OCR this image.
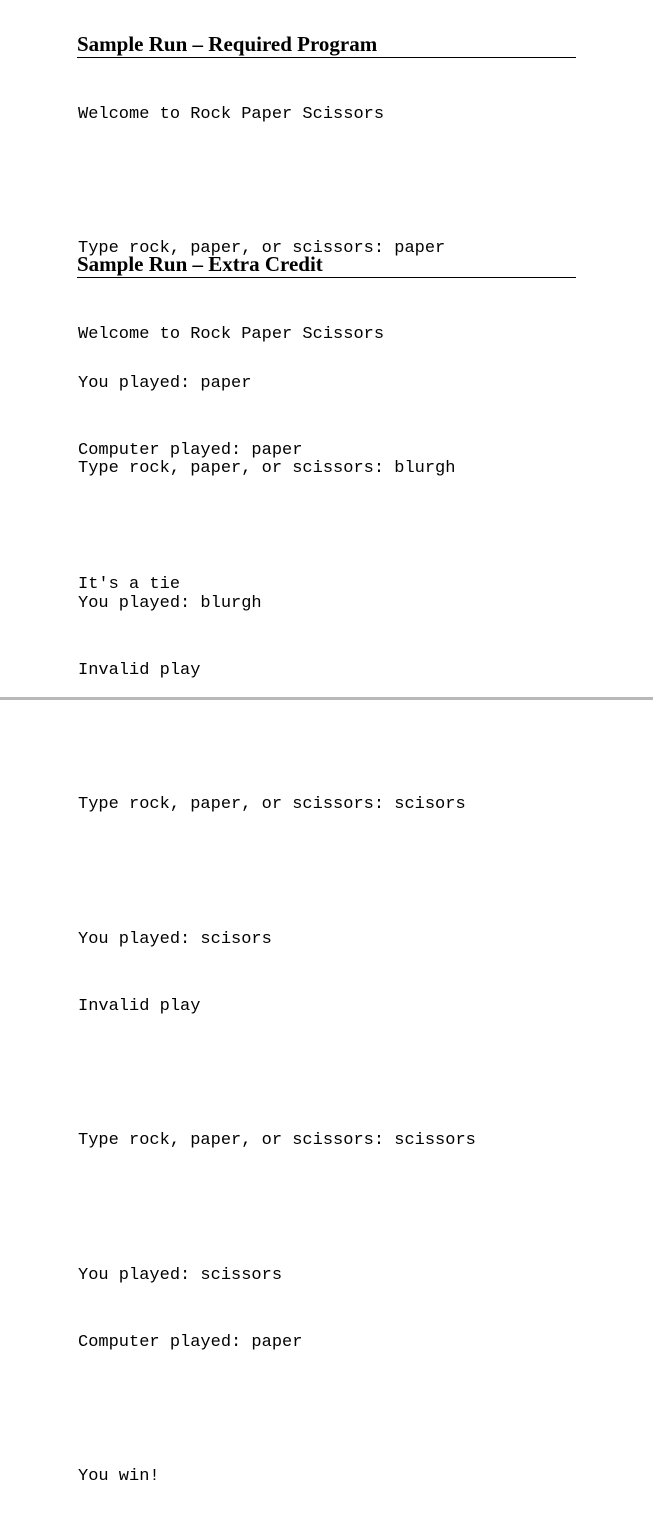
Sample Run – Required Program

Welcome to Rock Paper Scissors

Type rock, paper, or scissors: paper

You played: paper

Computer played: paper

It's a tie

Sample Run – Extra Credit

Welcome to Rock Paper Scissors

Type rock, paper, or scissors: blurgh

You played: blurgh

Invalid play

Type rock, paper, or scissors: scisors

You played: scisors

Invalid play

Type rock, paper, or scissors: scissors

You played: scissors

Computer played: paper

You win!
